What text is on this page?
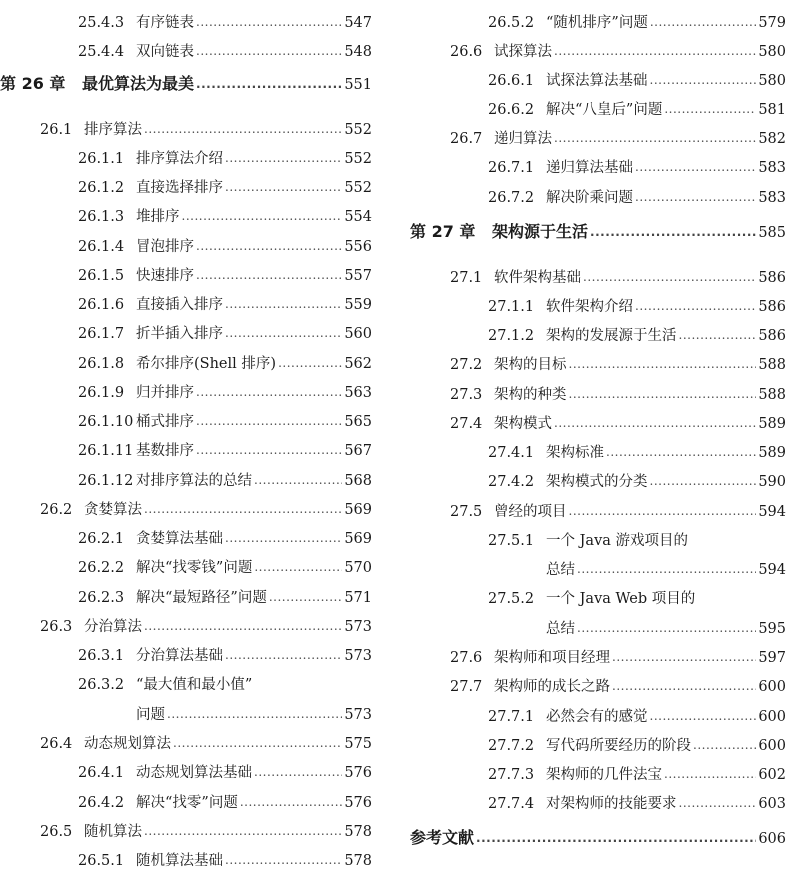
25.4.3 有序链表 .....	547
25.4.4 双向链表 .....	548
第 26 章	最优算法为最美 .....	551
26.1 排序算法 .....	552
26.1.1 排序算法介绍 .....	552
26.1.2 直接选择排序 .....	552
26.1.3 堆排序 .....	554
26.1.4 冒泡排序 .....	556
26.1.5 快速排序 .....	557
26.1.6 直接插入排序 .....	559
26.1.7 折半插入排序 .....	560
26.1.8 希尔排序(Shell 排序) .....	562
26.1.9 归并排序 .....	563
26.1.10 桶式排序 .....	565
26.1.11 基数排序 .....	567
26.1.12 对排序算法的总结 .....	568
26.2 贪婪算法 .....	569
26.2.1 贪婪算法基础 .....	569
26.2.2 解决“找零钱”问题 .....	570
26.2.3 解决“最短路径”问题 .....	571
26.3 分治算法 .....	573
26.3.1 分治算法基础 .....	573
26.3.2 “最大值和最小值”
问题 .....	573
26.4 动态规划算法 .....	575
26.4.1 动态规划算法基础 .....	576
26.4.2 解决“找零”问题 .....	576
26.5 随机算法 .....	578
26.5.1 随机算法基础 .....	578
26.5.2 “随机排序”问题 .....	579
26.6 试探算法 .....	580
26.6.1 试探法算法基础 .....	580
26.6.2 解决“八皇后”问题 .....	581
26.7 递归算法 .....	582
26.7.1 递归算法基础 .....	583
26.7.2 解决阶乘问题 .....	583
第 27 章	架构源于生活 .....	585
27.1 软件架构基础 .....	586
27.1.1 软件架构介绍 .....	586
27.1.2 架构的发展源于生活 .....	586
27.2 架构的目标 .....	588
27.3 架构的种类 .....	588
27.4 架构模式 .....	589
27.4.1 架构标准 .....	589
27.4.2 架构模式的分类 .....	590
27.5 曾经的项目 .....	594
27.5.1 一个 Java 游戏项目的
总结 .....	594
27.5.2 一个 Java Web 项目的
总结 .....	595
27.6 架构师和项目经理 .....	597
27.7 架构师的成长之路 .....	600
27.7.1 必然会有的感觉 .....	600
27.7.2 写代码所要经历的阶段 .....	600
27.7.3 架构师的几件法宝 .....	602
27.7.4 对架构师的技能要求 .....	603
参考文献 .....	606
